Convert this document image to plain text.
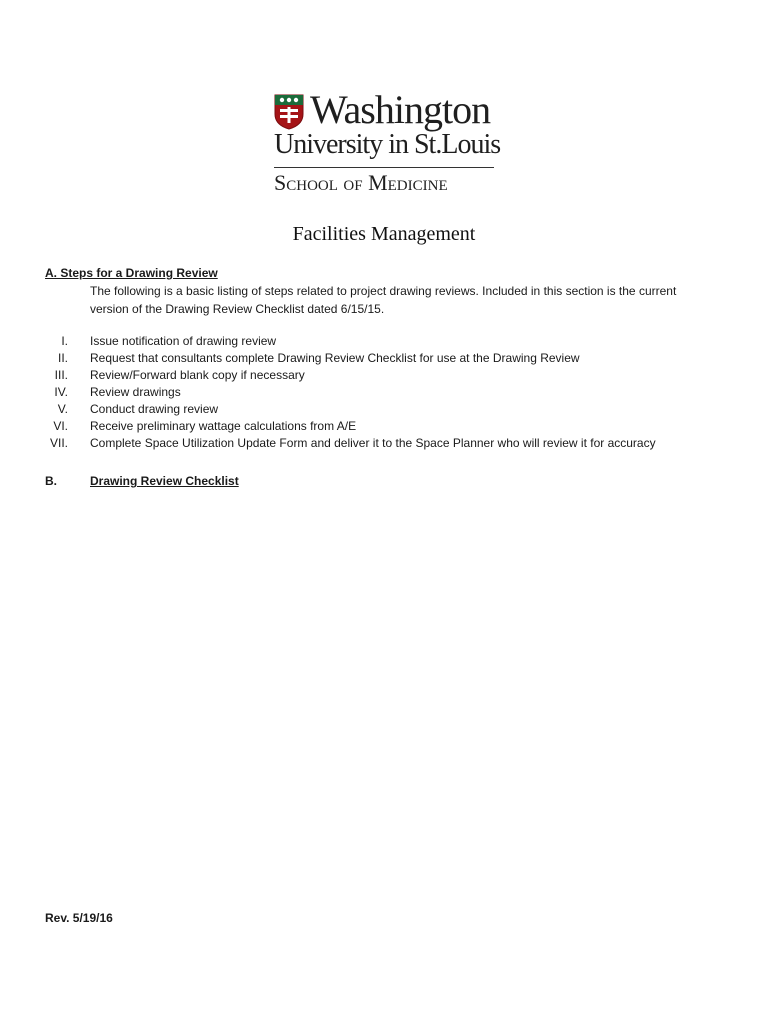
Washington
University in St.Louis
School of Medicine
Facilities Management
A. Steps for a Drawing Review
The following is a basic listing of steps related to project drawing reviews. Included in this section is the current
version of the Drawing Review Checklist dated 6/15/15.
I. Issue notification of drawing review
II. Request that consultants complete Drawing Review Checklist for use at the Drawing Review
III. Review/Forward blank copy if necessary
IV. Review drawings
V. Conduct drawing review
VI. Receive preliminary wattage calculations from A/E
VII. Complete Space Utilization Update Form and deliver it to the Space Planner who will review it for accuracy
B.	Drawing Review Checklist
Rev. 5/19/16
